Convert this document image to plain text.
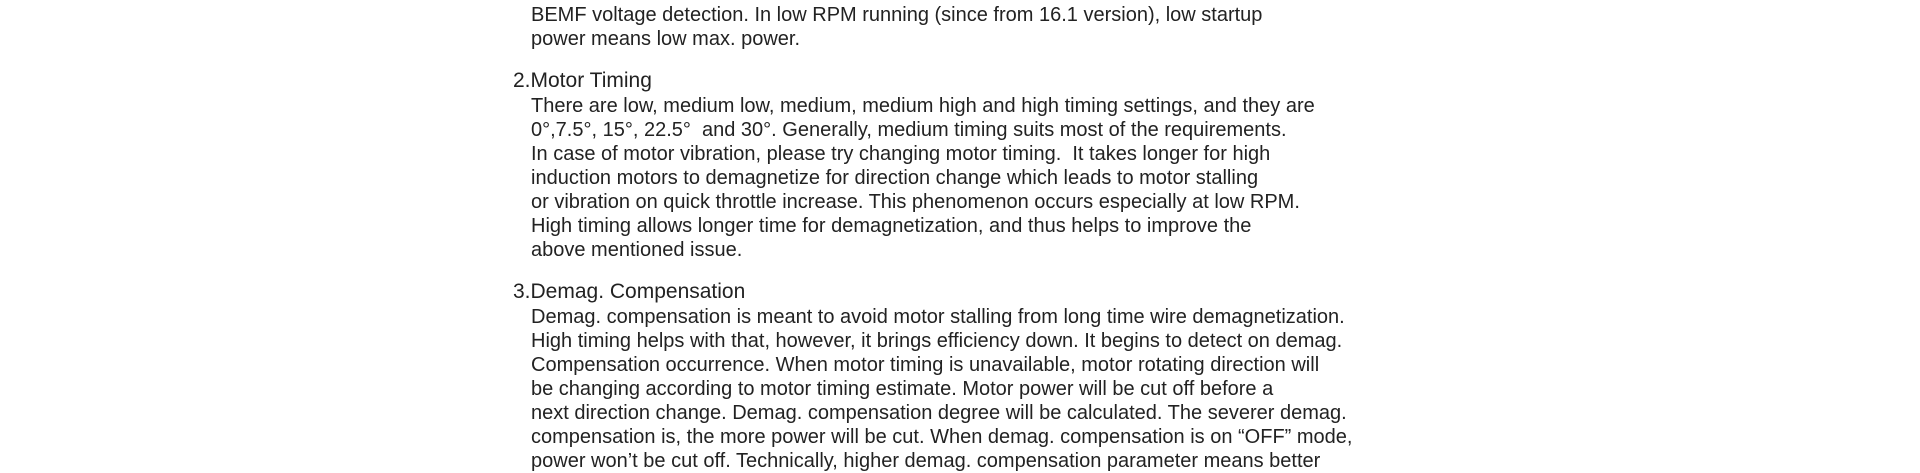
BEMF voltage detection. In low RPM running (since from 16.1 version), low startup
power means low max. power.
2.Motor Timing
There are low, medium low, medium, medium high and high timing settings, and they are
0°,7.5°, 15°, 22.5°  and 30°. Generally, medium timing suits most of the requirements.
In case of motor vibration, please try changing motor timing.  It takes longer for high
induction motors to demagnetize for direction change which leads to motor stalling
or vibration on quick throttle increase. This phenomenon occurs especially at low RPM.
High timing allows longer time for demagnetization, and thus helps to improve the
above mentioned issue.
3.Demag. Compensation
Demag. compensation is meant to avoid motor stalling from long time wire demagnetization.
High timing helps with that, however, it brings efficiency down. It begins to detect on demag.
Compensation occurrence. When motor timing is unavailable, motor rotating direction will
be changing according to motor timing estimate. Motor power will be cut off before a
next direction change. Demag. compensation degree will be calculated. The severer demag.
compensation is, the more power will be cut. When demag. compensation is on “OFF” mode,
power won’t be cut off. Technically, higher demag. compensation parameter means better
